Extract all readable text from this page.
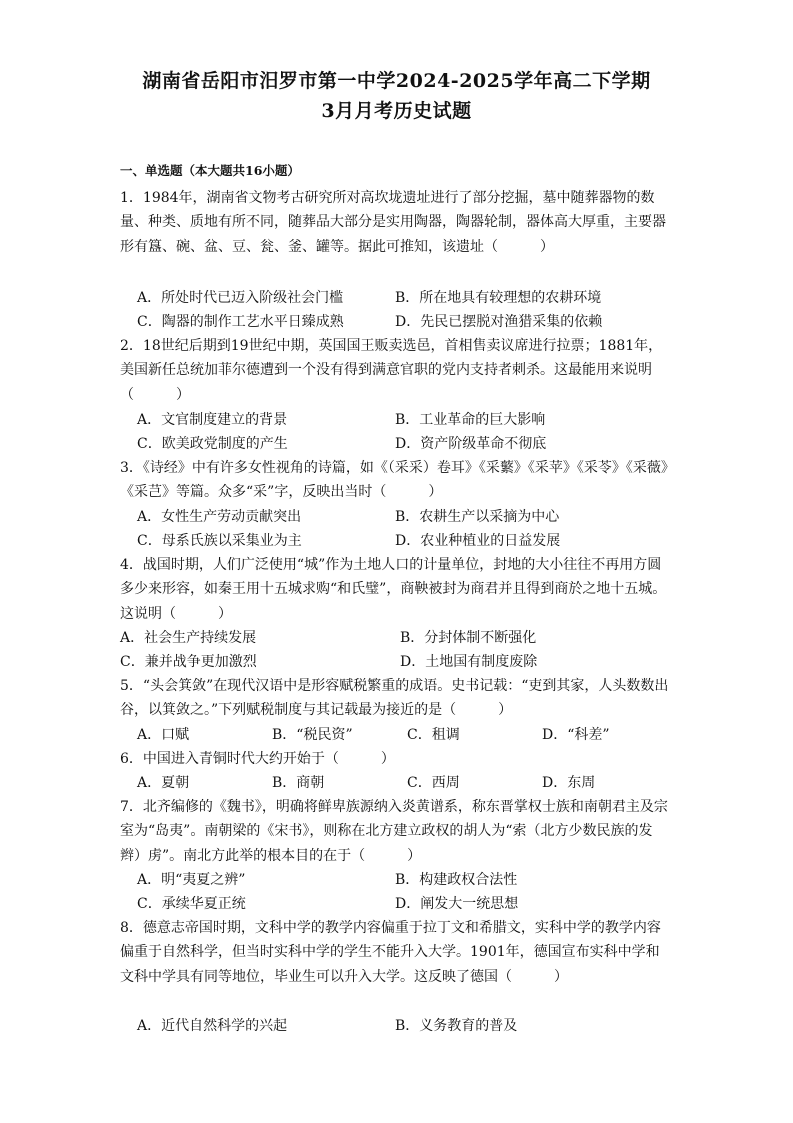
湖南省岳阳市汨罗市第一中学2024-2025学年高二下学期
3月月考历史试题
一、单选题（本大题共16小题）
1．1984年，湖南省文物考古研究所对高坎垅遗址进行了部分挖掘，墓中随葬器物的数量、种类、质地有所不同，随葬品大部分是实用陶器，陶器轮制，器体高大厚重，主要器形有簋、碗、盆、豆、瓮、釜、罐等。据此可推知，该遗址（　　　）
A．所处时代已迈入阶级社会门槛	B．所在地具有较理想的农耕环境
C．陶器的制作工艺水平日臻成熟	D．先民已摆脱对渔猎采集的依赖
2．18世纪后期到19世纪中期，英国国王贩卖选邑，首相售卖议席进行拉票；1881年，美国新任总统加菲尔德遭到一个没有得到满意官职的党内支持者刺杀。这最能用来说明（　　　）
A．文官制度建立的背景	B．工业革命的巨大影响
C．欧美政党制度的产生	D．资产阶级革命不彻底
3．《诗经》中有许多女性视角的诗篇，如《（采采）卷耳》《采蘩》《采苹》《采苓》《采薇》《采芑》等篇。众多“采”字，反映出当时（　　　）
A．女性生产劳动贡献突出	B．农耕生产以采摘为中心
C．母系氏族以采集业为主	D．农业种植业的日益发展
4．战国时期，人们广泛使用“城”作为土地人口的计量单位，封地的大小往往不再用方圆多少来形容，如秦王用十五城求购“和氏璧”，商鞅被封为商君并且得到商於之地十五城。这说明（　　　）
A．社会生产持续发展	B．分封体制不断强化
C．兼并战争更加激烈	D．土地国有制度废除
5．“头会箕敛”在现代汉语中是形容赋税繁重的成语。史书记载：“吏到其家，人头数数出谷，以箕敛之。”下列赋税制度与其记载最为接近的是（　　　）
A．口赋	B．“税民资”	C．租调	D．“科差”
6．中国进入青铜时代大约开始于（　　　）
A．夏朝	B．商朝	C．西周	D．东周
7．北齐编修的《魏书》，明确将鲜卑族源纳入炎黄谱系，称东晋掌权士族和南朝君主及宗室为“岛夷”。南朝梁的《宋书》，则称在北方建立政权的胡人为“索（北方少数民族的发辫）虏”。南北方此举的根本目的在于（　　　）
A．明“夷夏之辨”	B．构建政权合法性
C．承续华夏正统	D．阐发大一统思想
8．德意志帝国时期，文科中学的教学内容偏重于拉丁文和希腊文，实科中学的教学内容偏重于自然科学，但当时实科中学的学生不能升入大学。1901年，德国宣布实科中学和文科中学具有同等地位，毕业生可以升入大学。这反映了德国（　　　）
A．近代自然科学的兴起	B．义务教育的普及
